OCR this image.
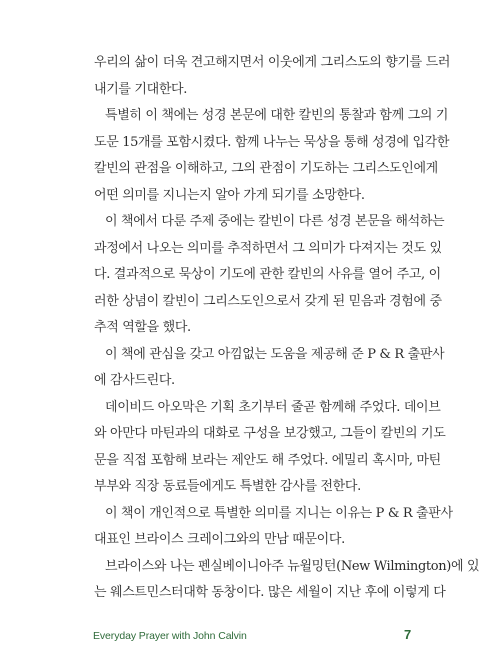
우리의 삶이 더욱 견고해지면서 이웃에게 그리스도의 향기를 드러
내기를 기대한다.
특별히 이 책에는 성경 본문에 대한 칼빈의 통찰과 함께 그의 기
도문 15개를 포함시켰다. 함께 나누는 묵상을 통해 성경에 입각한
칼빈의 관점을 이해하고, 그의 관점이 기도하는 그리스도인에게
어떤 의미를 지니는지 알아 가게 되기를 소망한다.
이 책에서 다룬 주제 중에는 칼빈이 다른 성경 본문을 해석하는
과정에서 나오는 의미를 추적하면서 그 의미가 다져지는 것도 있
다. 결과적으로 묵상이 기도에 관한 칼빈의 사유를 열어 주고, 이
러한 상념이 칼빈이 그리스도인으로서 갖게 된 믿음과 경험에 중
추적 역할을 했다.
이 책에 관심을 갖고 아낌없는 도움을 제공해 준 P & R 출판사
에 감사드린다.
데이비드 아오막은 기획 초기부터 줄곧 함께해 주었다. 데이브
와 아만다 마틴과의 대화로 구성을 보강했고, 그들이 칼빈의 기도
문을 직접 포함해 보라는 제안도 해 주었다. 에밀리 혹시마, 마틴
부부와 직장 동료들에게도 특별한 감사를 전한다.
이 책이 개인적으로 특별한 의미를 지니는 이유는 P & R 출판사
대표인 브라이스 크레이그와의 만남 때문이다.
브라이스와 나는 펜실베이니아주 뉴윌밍턴(New Wilmington)에 있
는 웨스트민스터대학 동창이다. 많은 세월이 지난 후에 이렇게 다
Everyday Prayer with John Calvin	7
